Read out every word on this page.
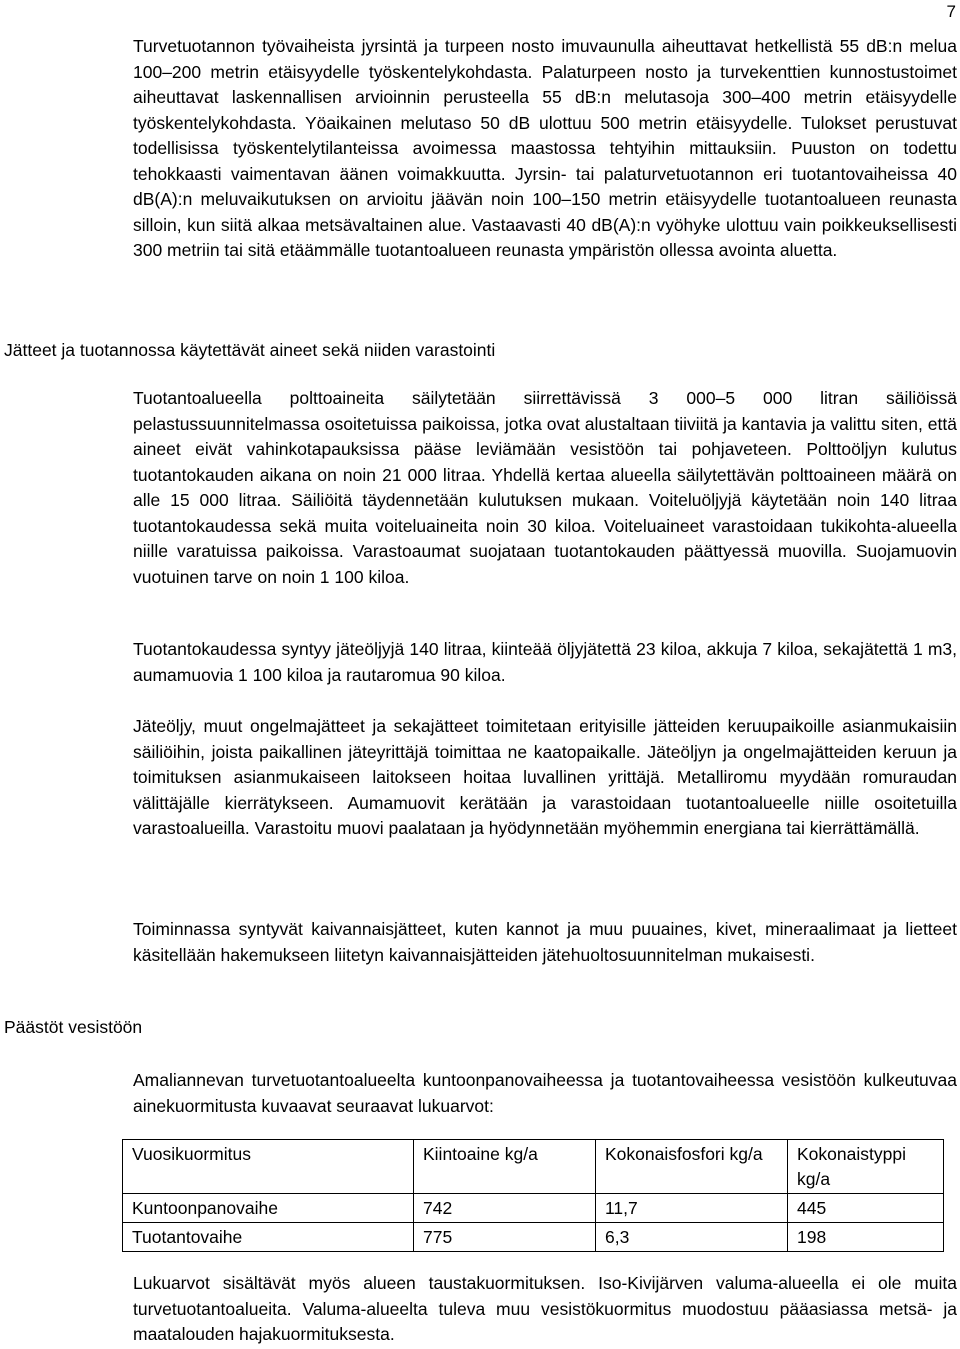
7

Turvetuotannon työvaiheista jyrsintä ja turpeen nosto imuvaunulla aiheuttavat hetkellistä 55 dB:n melua 100–200 metrin etäisyydelle työskentelykohdasta. Palaturpeen nosto ja turvekenttien kunnostustoimet aiheuttavat laskennallisen arvioinnin perusteella 55 dB:n melutasoja 300–400 metrin etäisyydelle työskentelykohdasta. Yöaikainen melutaso 50 dB ulottuu 500 metrin etäisyydelle. Tulokset perustuvat todellisissa työskentelytilanteissa avoimessa maastossa tehtyihin mittauksiin. Puuston on todettu tehokkaasti vaimentavan äänen voimakkuutta. Jyrsin- tai palaturvetuotannon eri tuotantovaiheissa 40 dB(A):n meluvaikutuksen on arvioitu jäävän noin 100–150 metrin etäisyydelle tuotantoalueen reunasta silloin, kun siitä alkaa metsävaltainen alue. Vastaavasti 40 dB(A):n vyöhyke ulottuu vain poikkeuksellisesti 300 metriin tai sitä etäämmälle tuotantoalueen reunasta ympäristön ollessa avointa aluetta.

Jätteet ja tuotannossa käytettävät aineet sekä niiden varastointi

Tuotantoalueella polttoaineita säilytetään siirrettävissä 3 000–5 000 litran säiliöissä pelastussuunnitelmassa osoitetuissa paikoissa, jotka ovat alustaltaan tiiviitä ja kantavia ja valittu siten, että aineet eivät vahinkotapauksissa pääse leviämään vesistöön tai pohjaveteen. Polttoöljyn kulutus tuotantokauden aikana on noin 21 000 litraa. Yhdellä kertaa alueella säilytettävän polttoaineen määrä on alle 15 000 litraa. Säiliöitä täydennetään kulutuksen mukaan. Voiteluöljyjä käytetään noin 140 litraa tuotantokaudessa sekä muita voiteluaineita noin 30 kiloa. Voiteluaineet varastoidaan tukikohta-alueella niille varatuissa paikoissa. Varastoaumat suojataan tuotantokauden päättyessä muovilla. Suojamuovin vuotuinen tarve on noin 1 100 kiloa.

Tuotantokaudessa syntyy jäteöljyjä 140 litraa, kiinteää öljyjätettä 23 kiloa, akkuja 7 kiloa, sekajätettä 1 m3, aumamuovia 1 100 kiloa ja rautaromua 90 kiloa.

Jäteöljy, muut ongelmajätteet ja sekajätteet toimitetaan erityisille jätteiden keruupaikoille asianmukaisiin säiliöihin, joista paikallinen jäteyrittäjä toimittaa ne kaatopaikalle. Jäteöljyn ja ongelmajätteiden keruun ja toimituksen asianmukaiseen laitokseen hoitaa luvallinen yrittäjä. Metalliromu myydään romuraudan välittäjälle kierrätykseen. Aumamuovit kerätään ja varastoidaan tuotantoalueelle niille osoitetuilla varastoalueilla. Varastoitu muovi paalataan ja hyödynnetään myöhemmin energiana tai kierrättämällä.

Toiminnassa syntyvät kaivannaisjätteet, kuten kannot ja muu puuaines, kivet, mineraalimaat ja lietteet käsitellään hakemukseen liitetyn kaivannaisjätteiden jätehuoltosuunnitelman mukaisesti.

Päästöt vesistöön

Amaliannevan turvetuotantoalueelta kuntoonpanovaiheessa ja tuotantovaiheessa vesistöön kulkeutuvaa ainekuormitusta kuvaavat seuraavat lukuarvot:

Vuosikuormitus	Kiintoaine kg/a	Kokonaisfosfori kg/a	Kokonaistyppi kg/a
Kuntoonpanovaihe	742	11,7	445
Tuotantovaihe	775	6,3	198

Lukuarvot sisältävät myös alueen taustakuormituksen. Iso-Kivijärven valuma-alueella ei ole muita turvetuotantoalueita. Valuma-alueelta tuleva muu vesistökuormitus muodostuu pääasiassa metsä- ja maatalouden hajakuormituksesta.
